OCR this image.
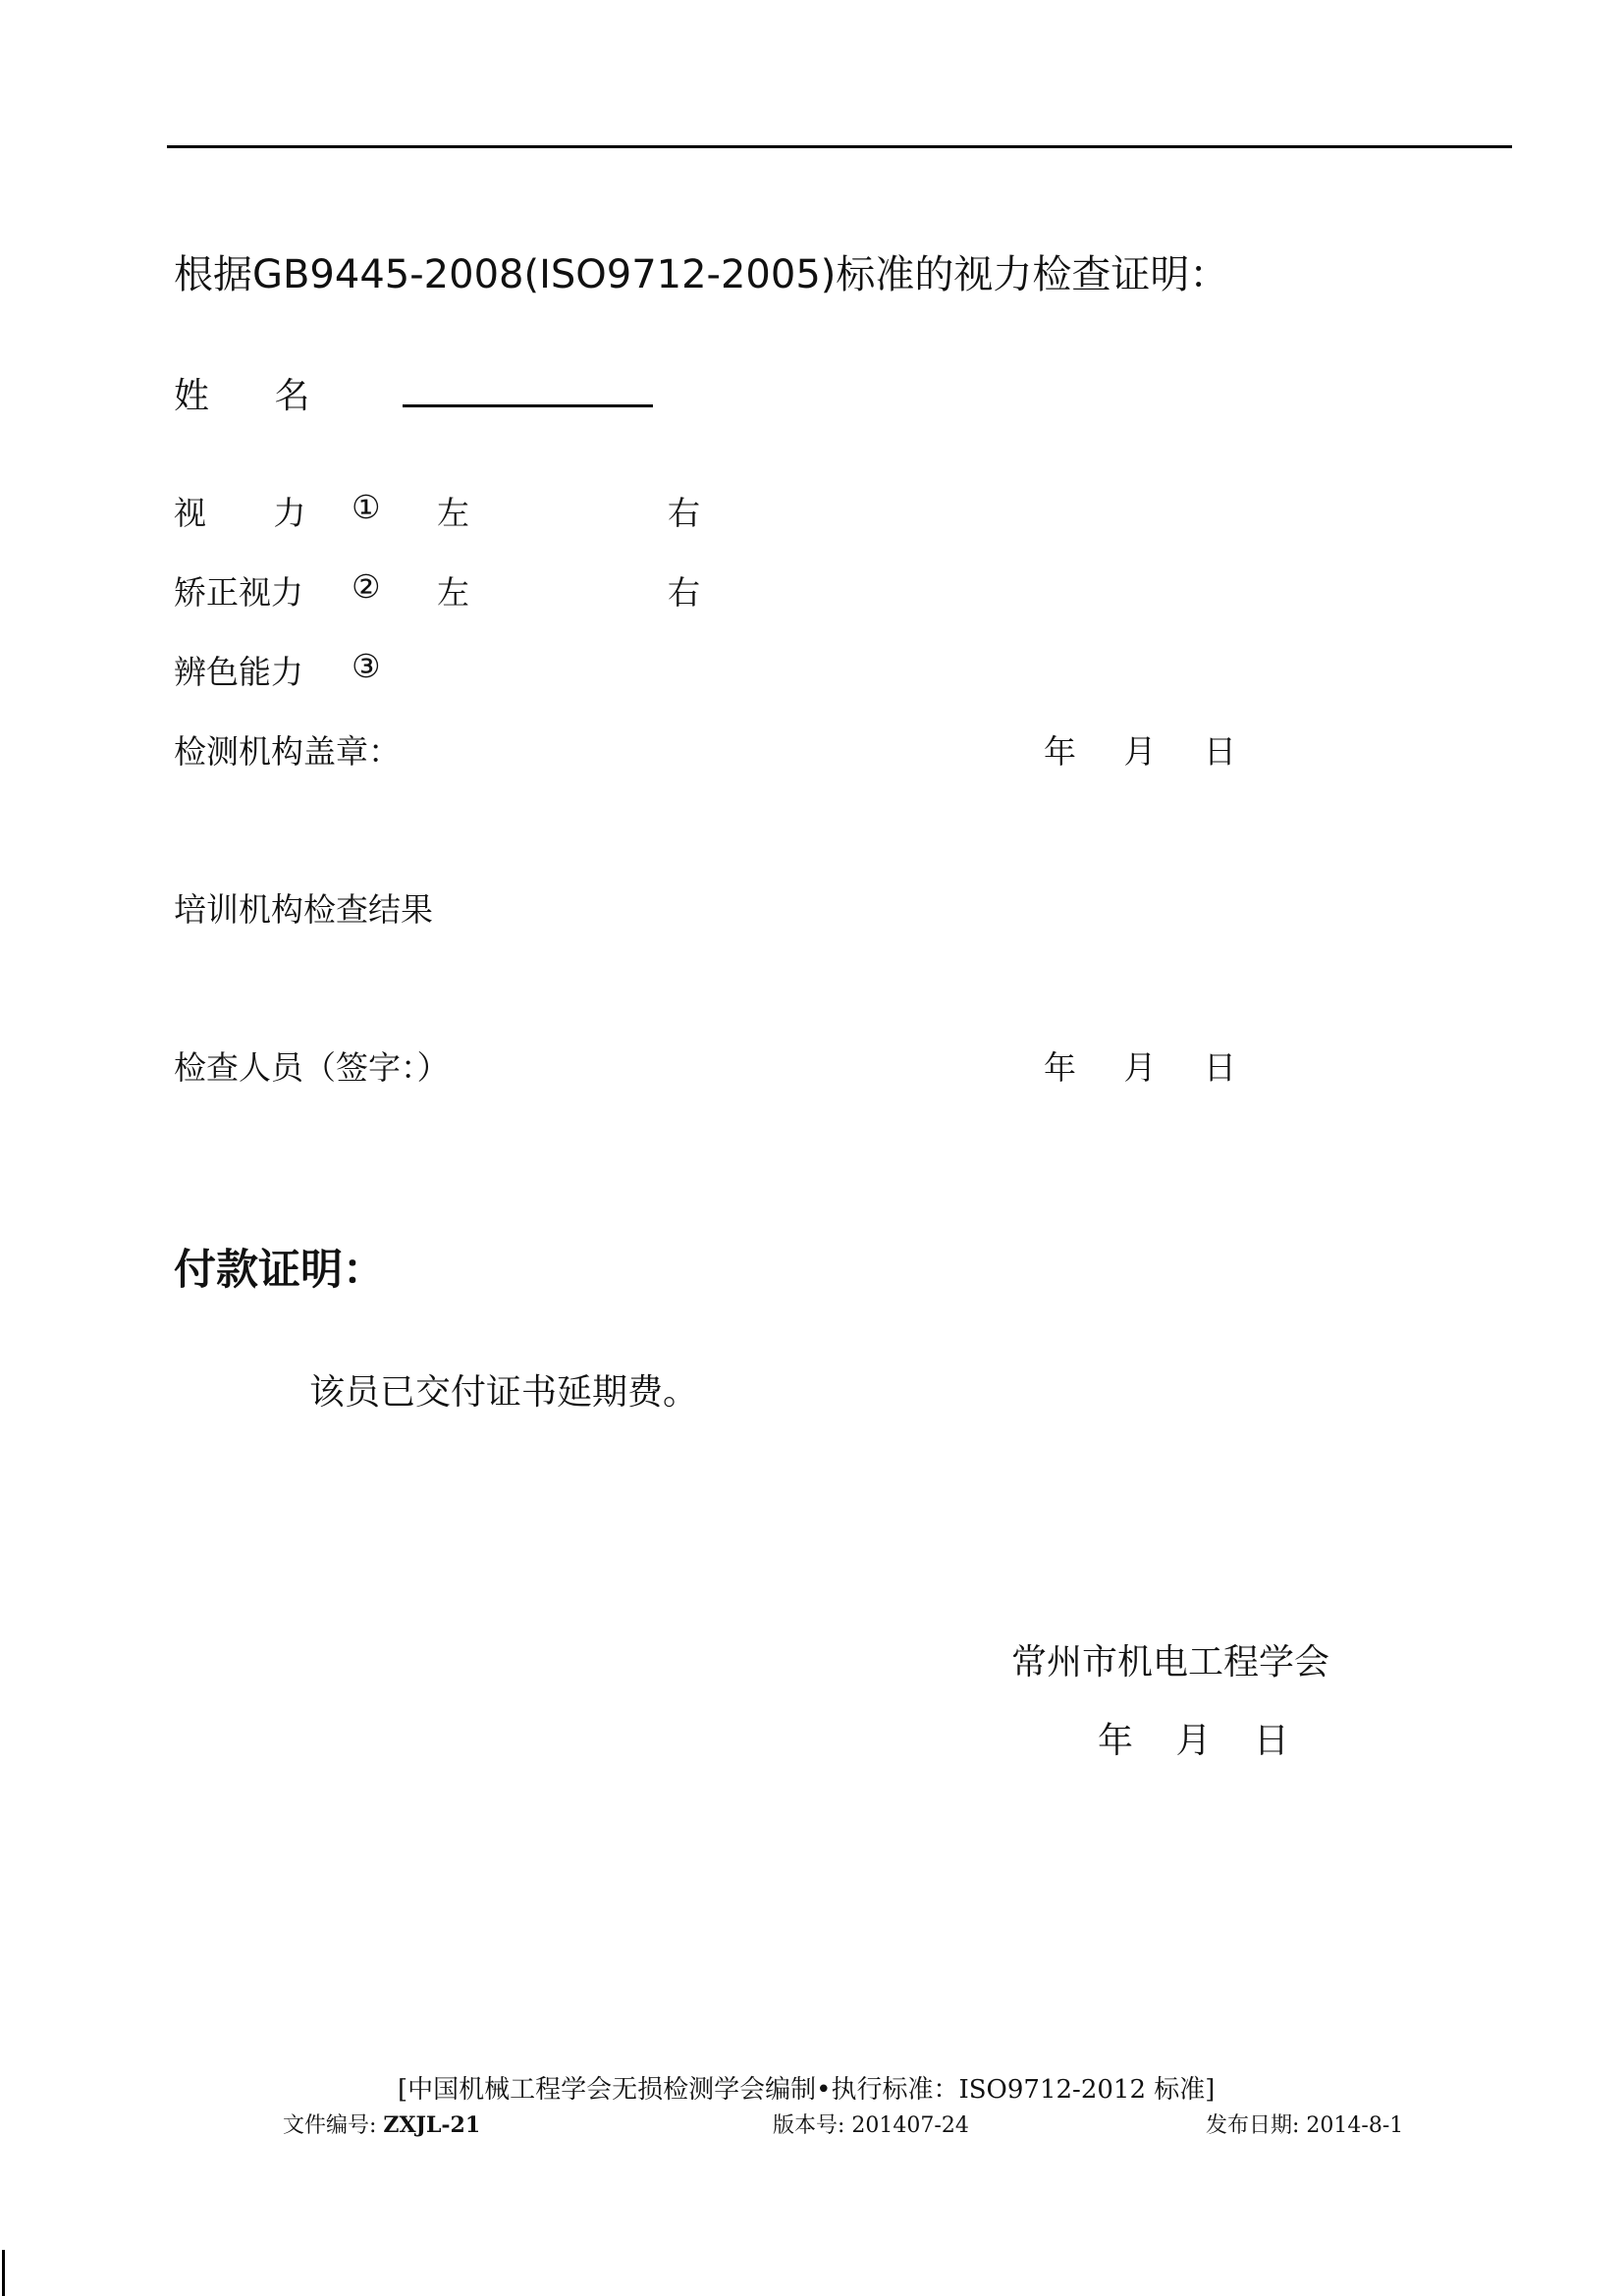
根据GB9445-2008(ISO9712-2005)标准的视力检查证明：
姓 名
视 力 ① 左	右
矫正视力 ② 左	右
辨色能力 ③
检测机构盖章：	年 月 日
培训机构检查结果
检查人员（签字：）	年 月 日
付款证明：
该员已交付证书延期费。
常州市机电工程学会
年 月 日
[中国机械工程学会无损检测学会编制•执行标准：ISO9712-2012 标准]
文件编号: ZXJL-21	版本号: 201407-24	发布日期: 2014-8-1
